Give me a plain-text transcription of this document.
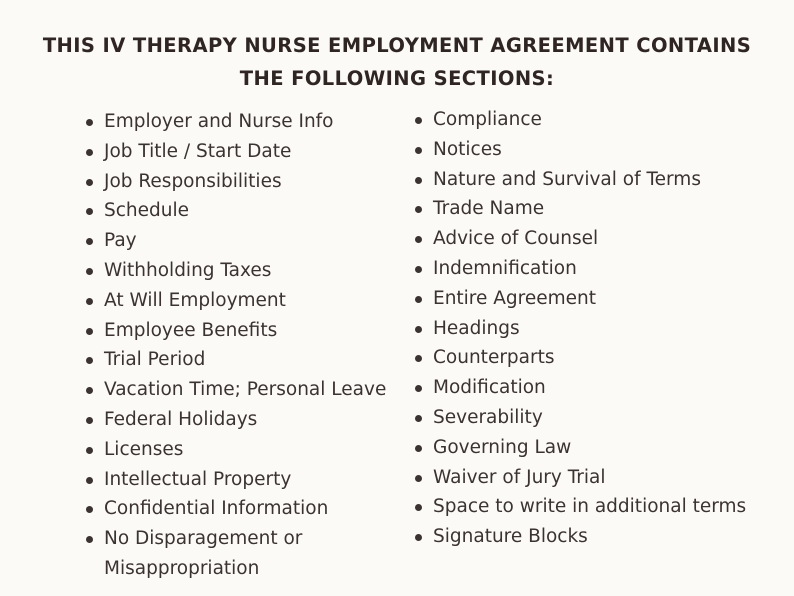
THIS IV THERAPY NURSE EMPLOYMENT AGREEMENT CONTAINS
THE FOLLOWING SECTIONS:
Employer and Nurse Info
Job Title / Start Date
Job Responsibilities
Schedule
Pay
Withholding Taxes
At Will Employment
Employee Benefits
Trial Period
Vacation Time; Personal Leave
Federal Holidays
Licenses
Intellectual Property
Confidential Information
No Disparagement or Misappropriation
Compliance
Notices
Nature and Survival of Terms
Trade Name
Advice of Counsel
Indemnification
Entire Agreement
Headings
Counterparts
Modification
Severability
Governing Law
Waiver of Jury Trial
Space to write in additional terms
Signature Blocks
